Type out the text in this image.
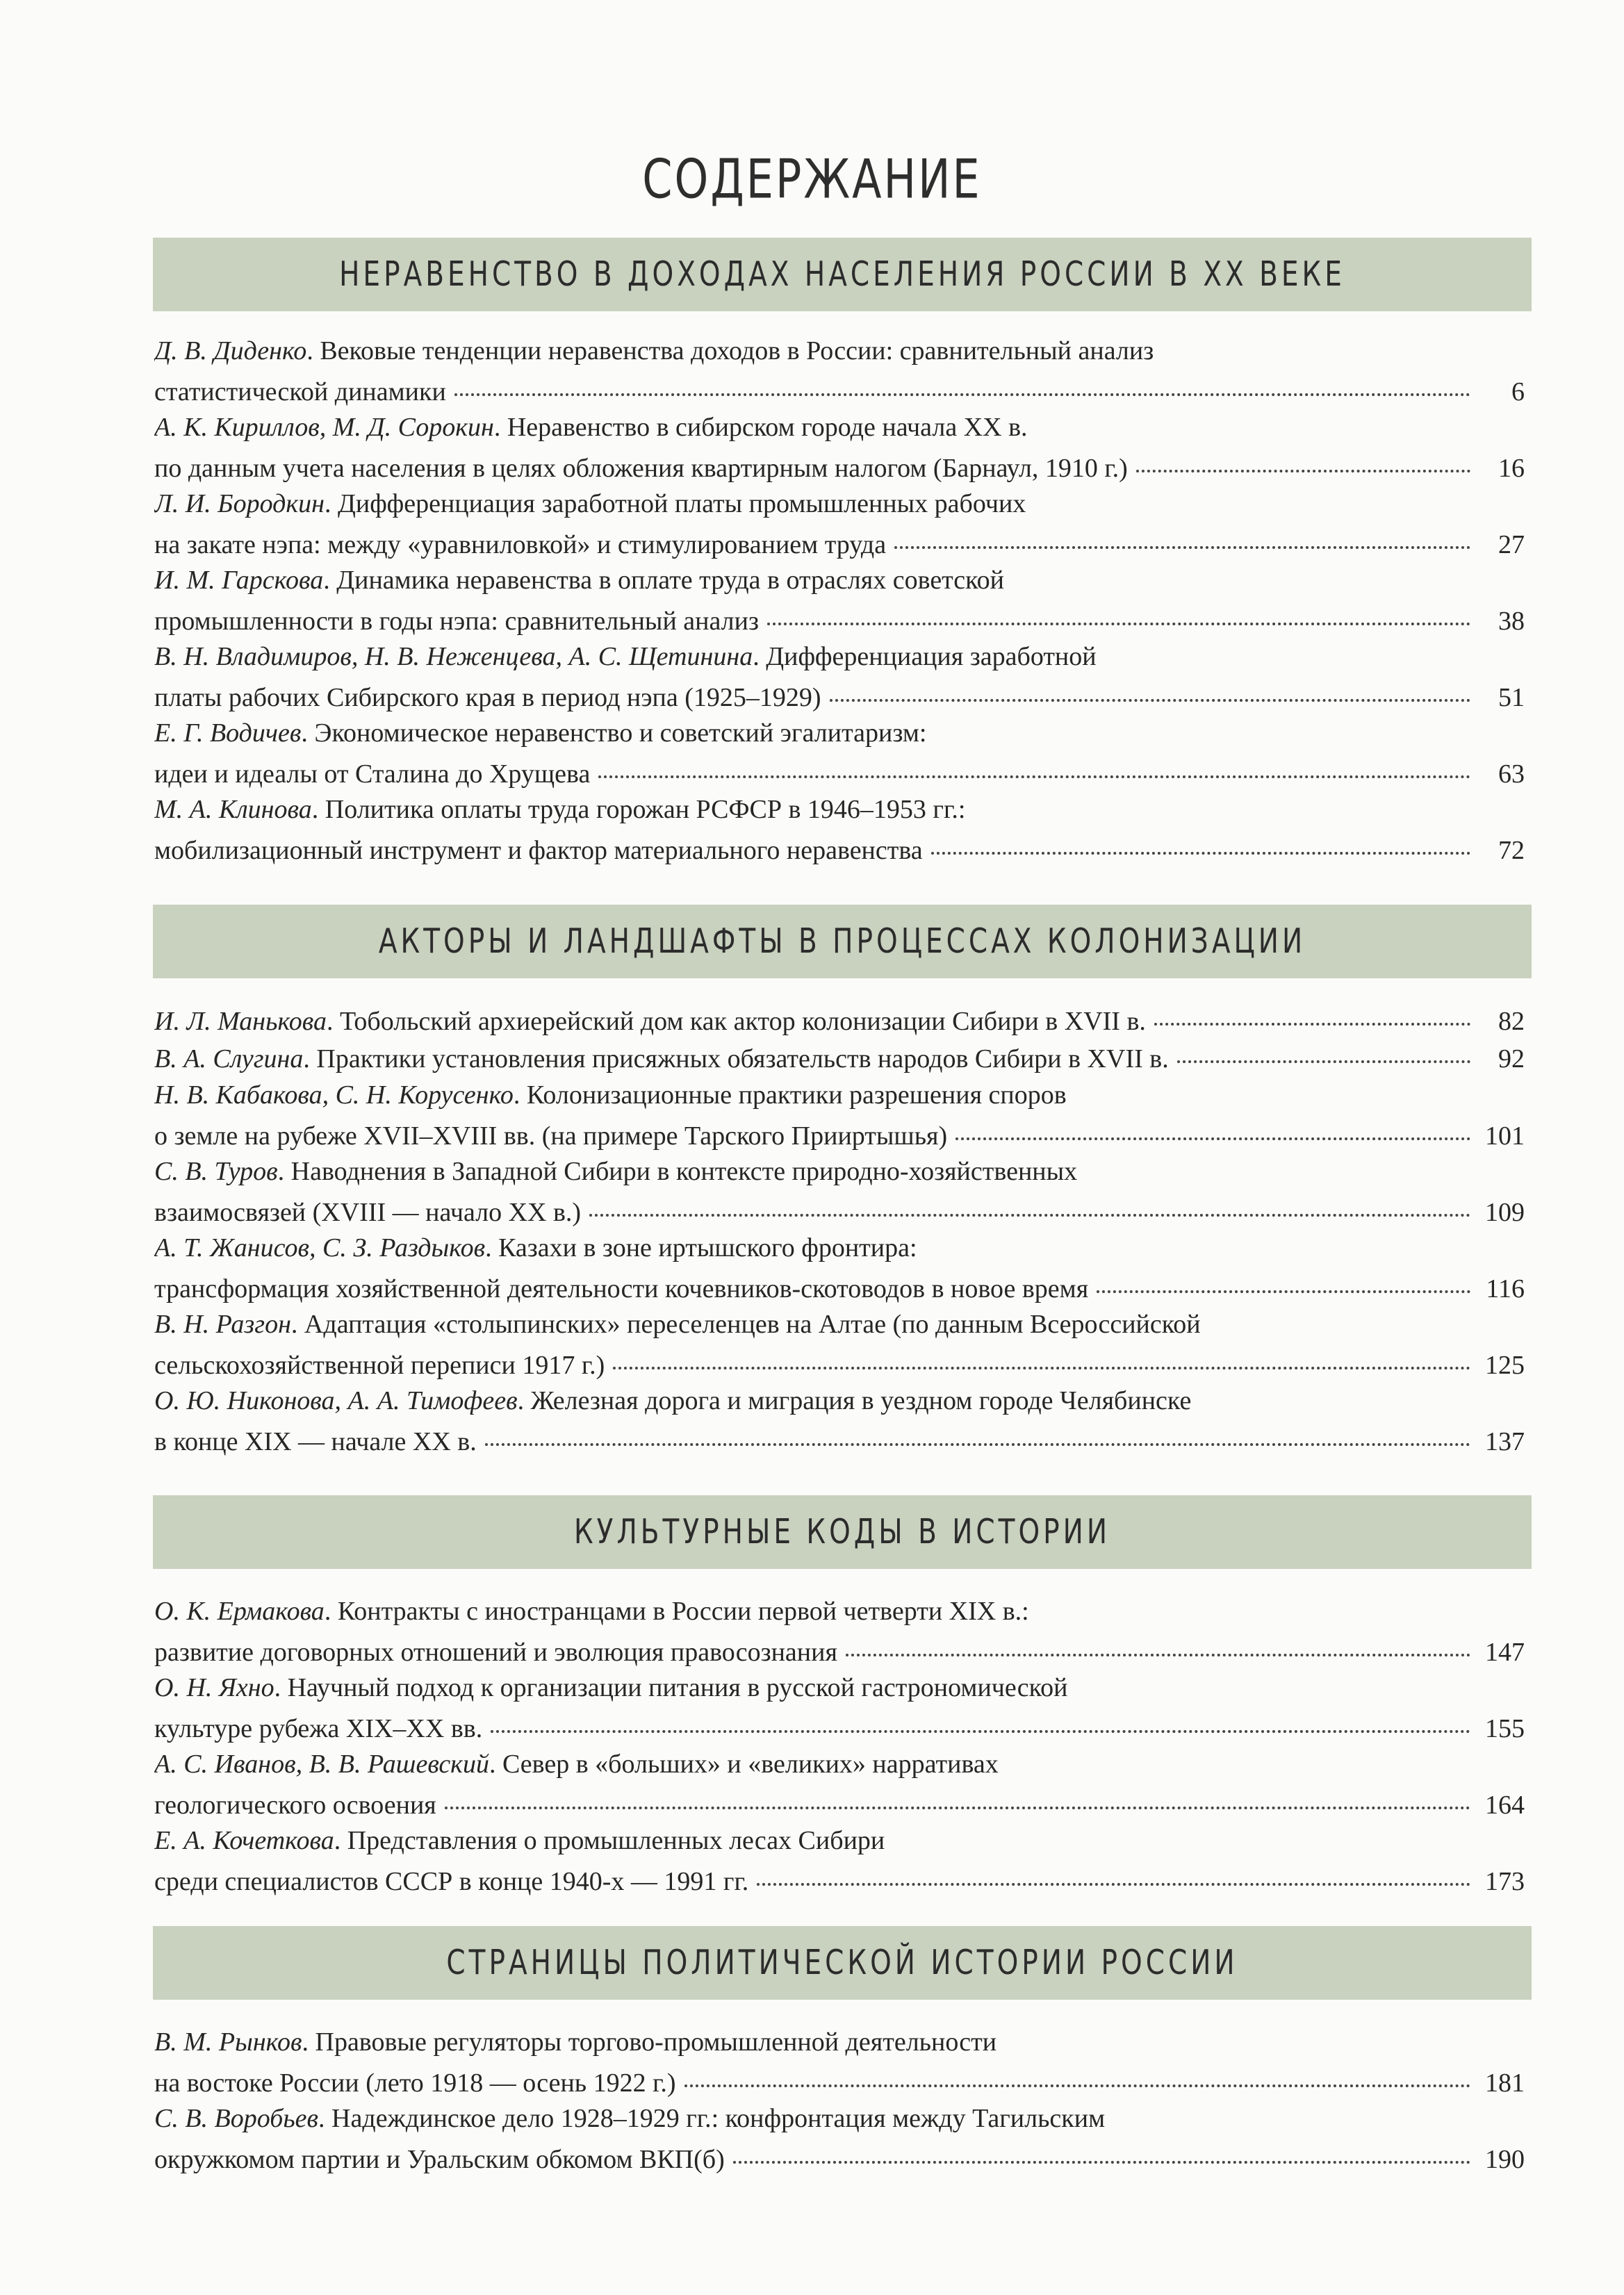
СОДЕРЖАНИЕ
НЕРАВЕНСТВО В ДОХОДАХ НАСЕЛЕНИЯ РОССИИ В XX ВЕКЕ
Д. В. Диденко. Вековые тенденции неравенства доходов в России: сравнительный анализ
статистической динамики	6
А. К. Кириллов, М. Д. Сорокин. Неравенство в сибирском городе начала XX в.
по данным учета населения в целях обложения квартирным налогом (Барнаул, 1910 г.)	16
Л. И. Бородкин. Дифференциация заработной платы промышленных рабочих
на закате нэпа: между «уравниловкой» и стимулированием труда	27
И. М. Гарскова. Динамика неравенства в оплате труда в отраслях советской
промышленности в годы нэпа: сравнительный анализ	38
В. Н. Владимиров, Н. В. Неженцева, А. С. Щетинина. Дифференциация заработной
платы рабочих Сибирского края в период нэпа (1925–1929)	51
Е. Г. Водичев. Экономическое неравенство и советский эгалитаризм:
идеи и идеалы от Сталина до Хрущева	63
М. А. Клинова. Политика оплаты труда горожан РСФСР в 1946–1953 гг.:
мобилизационный инструмент и фактор материального неравенства	72
АКТОРЫ И ЛАНДШАФТЫ В ПРОЦЕССАХ КОЛОНИЗАЦИИ
И. Л. Манькова. Тобольский архиерейский дом как актор колонизации Сибири в XVII в.	82
В. А. Слугина. Практики установления присяжных обязательств народов Сибири в XVII в.	92
Н. В. Кабакова, С. Н. Корусенко. Колонизационные практики разрешения споров
о земле на рубеже XVII–XVIII вв. (на примере Тарского Прииртышья)	101
С. В. Туров. Наводнения в Западной Сибири в контексте природно-хозяйственных
взаимосвязей (XVIII — начало XX в.)	109
А. Т. Жанисов, С. З. Раздыков. Казахи в зоне иртышского фронтира:
трансформация хозяйственной деятельности кочевников-скотоводов в новое время	116
В. Н. Разгон. Адаптация «столыпинских» переселенцев на Алтае (по данным Всероссийской
сельскохозяйственной переписи 1917 г.)	125
О. Ю. Никонова, А. А. Тимофеев. Железная дорога и миграция в уездном городе Челябинске
в конце XIX — начале XX в.	137
КУЛЬТУРНЫЕ КОДЫ В ИСТОРИИ
О. К. Ермакова. Контракты с иностранцами в России первой четверти XIX в.:
развитие договорных отношений и эволюция правосознания	147
О. Н. Яхно. Научный подход к организации питания в русской гастрономической
культуре рубежа XIX–XX вв.	155
А. С. Иванов, В. В. Рашевский. Север в «больших» и «великих» нарративах
геологического освоения	164
Е. А. Кочеткова. Представления о промышленных лесах Сибири
среди специалистов СССР в конце 1940-х — 1991 гг.	173
СТРАНИЦЫ ПОЛИТИЧЕСКОЙ ИСТОРИИ РОССИИ
В. М. Рынков. Правовые регуляторы торгово-промышленной деятельности
на востоке России (лето 1918 — осень 1922 г.)	181
С. В. Воробьев. Надеждинское дело 1928–1929 гг.: конфронтация между Тагильским
окружкомом партии и Уральским обкомом ВКП(б)	190
